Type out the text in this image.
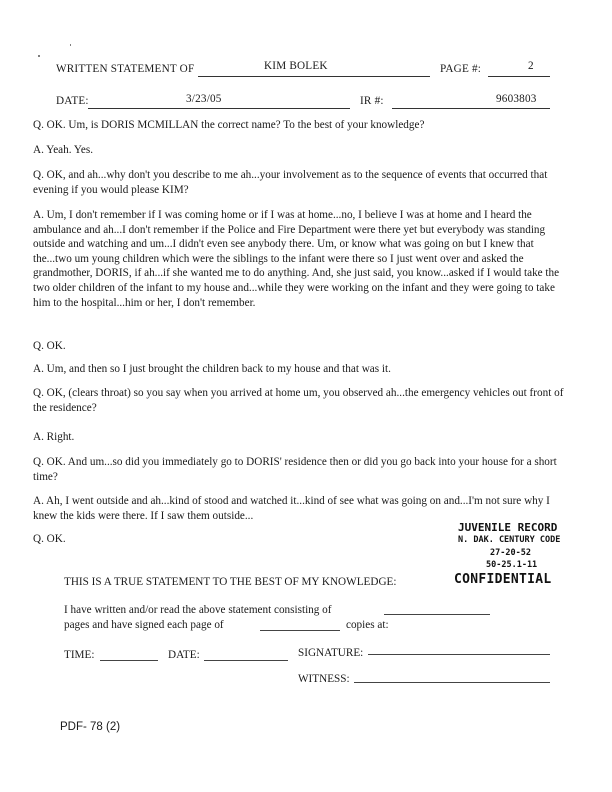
WRITTEN STATEMENT OF	KIM BOLEK	PAGE #:	2
DATE:	3/23/05	IR #:	9603803
Q. OK. Um, is DORIS MCMILLAN the correct name? To the best of your knowledge?
A. Yeah. Yes.
Q. OK, and ah...why don't you describe to me ah...your involvement as to the sequence of events that occurred that evening if you would please KIM?
A. Um, I don't remember if I was coming home or if I was at home...no, I believe I was at home and I heard the ambulance and ah...I don't remember if the Police and Fire Department were there yet but everybody was standing outside and watching and um...I didn't even see anybody there. Um, or know what was going on but I knew that the...two um young children which were the siblings to the infant were there so I just went over and asked the grandmother, DORIS, if ah...if she wanted me to do anything. And, she just said, you know...asked if I would take the two older children of the infant to my house and...while they were working on the infant and they were going to take him to the hospital...him or her, I don't remember.
Q. OK.
A. Um, and then so I just brought the children back to my house and that was it.
Q. OK, (clears throat) so you say when you arrived at home um, you observed ah...the emergency vehicles out front of the residence?
A. Right.
Q. OK. And um...so did you immediately go to DORIS' residence then or did you go back into your house for a short time?
A. Ah, I went outside and ah...kind of stood and watched it...kind of see what was going on and...I'm not sure why I knew the kids were there. If I saw them outside...
Q. OK.
JUVENILE RECORD
N. DAK. CENTURY CODE
27-20-52
50-25.1-11
CONFIDENTIAL
THIS IS A TRUE STATEMENT TO THE BEST OF MY KNOWLEDGE:
I have written and/or read the above statement consisting of
pages and have signed each page of	copies at:
TIME:	DATE:	SIGNATURE:
WITNESS:
PDF- 78 (2)
